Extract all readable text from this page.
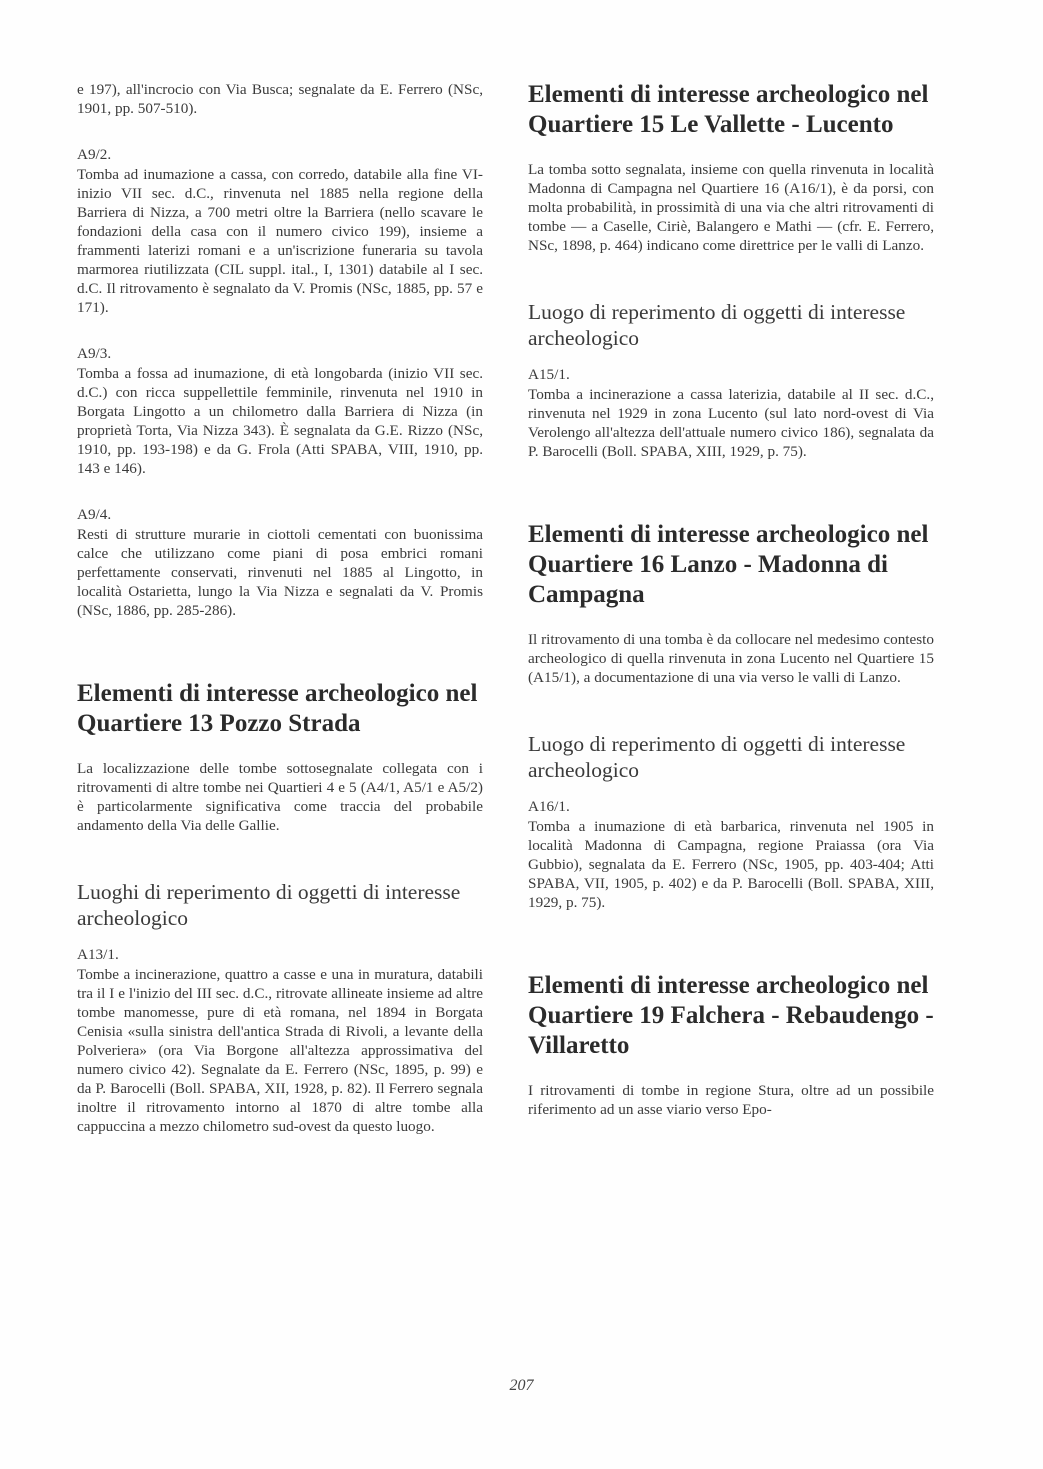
e 197), all'incrocio con Via Busca; segnalate da E. Ferrero (NSc, 1901, pp. 507-510).

A9/2.

Tomba ad inumazione a cassa, con corredo, databile alla fine VI-inizio VII sec. d.C., rinvenuta nel 1885 nella regione della Barriera di Nizza, a 700 metri oltre la Barriera (nello scavare le fondazioni della casa con il numero civico 199), insieme a frammenti laterizi romani e a un'iscrizione funeraria su tavola marmorea riutilizzata (CIL suppl. ital., I, 1301) databile al I sec. d.C. Il ritrovamento è segnalato da V. Promis (NSc, 1885, pp. 57 e 171).

A9/3.

Tomba a fossa ad inumazione, di età longobarda (inizio VII sec. d.C.) con ricca suppellettile femminile, rinvenuta nel 1910 in Borgata Lingotto a un chilometro dalla Barriera di Nizza (in proprietà Torta, Via Nizza 343). È segnalata da G.E. Rizzo (NSc, 1910, pp. 193-198) e da G. Frola (Atti SPABA, VIII, 1910, pp. 143 e 146).

A9/4.

Resti di strutture murarie in ciottoli cementati con buonissima calce che utilizzano come piani di posa embrici romani perfettamente conservati, rinvenuti nel 1885 al Lingotto, in località Ostarietta, lungo la Via Nizza e segnalati da V. Promis (NSc, 1886, pp. 285-286).

Elementi di interesse archeologico nel Quartiere 13 Pozzo Strada

La localizzazione delle tombe sottosegnalate collegata con i ritrovamenti di altre tombe nei Quartieri 4 e 5 (A4/1, A5/1 e A5/2) è particolarmente significativa come traccia del probabile andamento della Via delle Gallie.

Luoghi di reperimento di oggetti di interesse archeologico
A13/1.

Tombe a incinerazione, quattro a casse e una in muratura, databili tra il I e l'inizio del III sec. d.C., ritrovate allineate insieme ad altre tombe manomesse, pure di età romana, nel 1894 in Borgata Cenisia «sulla sinistra dell'antica Strada di Rivoli, a levante della Polveriera» (ora Via Borgone all'altezza approssimativa del numero civico 42). Segnalate da E. Ferrero (NSc, 1895, p. 99) e da P. Barocelli (Boll. SPABA, XII, 1928, p. 82). Il Ferrero segnala inoltre il ritrovamento intorno al 1870 di altre tombe alla cappuccina a mezzo chilometro sud-ovest da questo luogo.

Elementi di interesse archeologico nel Quartiere 15 Le Vallette - Lucento

La tomba sotto segnalata, insieme con quella rinvenuta in località Madonna di Campagna nel Quartiere 16 (A16/1), è da porsi, con molta probabilità, in prossimità di una via che altri ritrovamenti di tombe — a Caselle, Ciriè, Balangero e Mathi — (cfr. E. Ferrero, NSc, 1898, p. 464) indicano come direttrice per le valli di Lanzo.

Luogo di reperimento di oggetti di interesse archeologico
A15/1.

Tomba a incinerazione a cassa laterizia, databile al II sec. d.C., rinvenuta nel 1929 in zona Lucento (sul lato nord-ovest di Via Verolengo all'altezza dell'attuale numero civico 186), segnalata da P. Barocelli (Boll. SPABA, XIII, 1929, p. 75).

Elementi di interesse archeologico nel Quartiere 16 Lanzo - Madonna di Campagna

Il ritrovamento di una tomba è da collocare nel medesimo contesto archeologico di quella rinvenuta in zona Lucento nel Quartiere 15 (A15/1), a documentazione di una via verso le valli di Lanzo.

Luogo di reperimento di oggetti di interesse archeologico
A16/1.

Tomba a inumazione di età barbarica, rinvenuta nel 1905 in località Madonna di Campagna, regione Praiassa (ora Via Gubbio), segnalata da E. Ferrero (NSc, 1905, pp. 403-404; Atti SPABA, VII, 1905, p. 402) e da P. Barocelli (Boll. SPABA, XIII, 1929, p. 75).

Elementi di interesse archeologico nel Quartiere 19 Falchera - Rebaudengo - Villaretto

I ritrovamenti di tombe in regione Stura, oltre ad un possibile riferimento ad un asse viario verso Epo-

207
